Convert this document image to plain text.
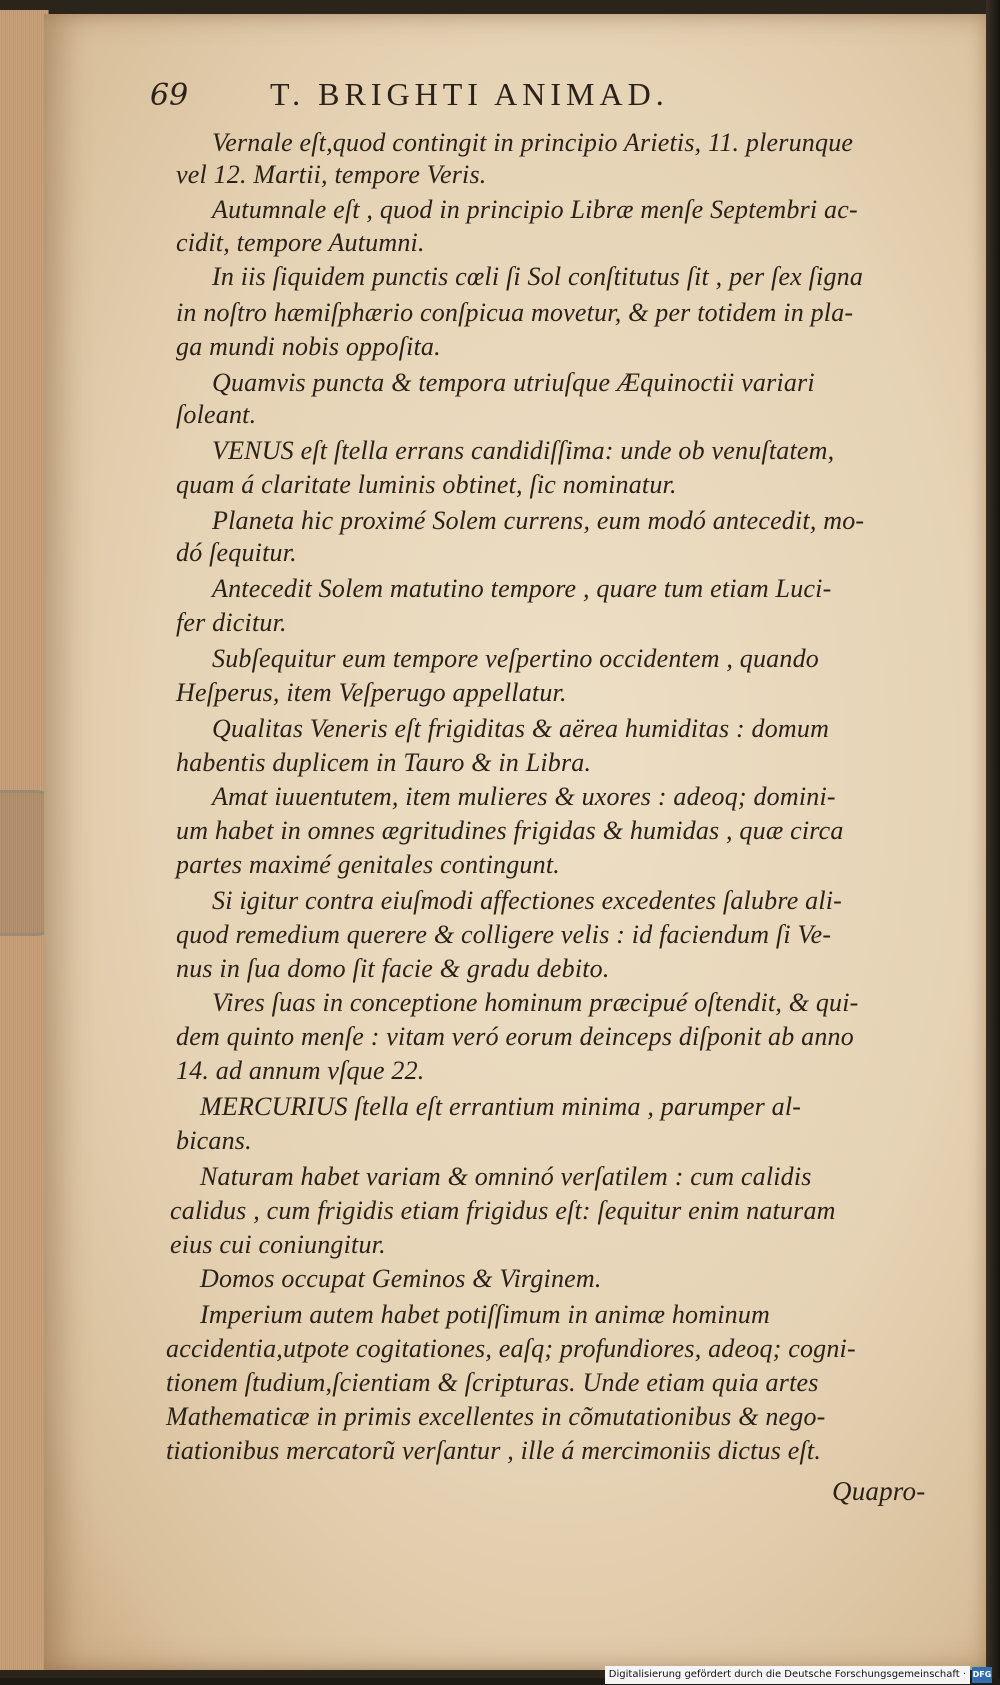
69	T. BRIGHTI ANIMAD.
Vernale eſt,quod contingit in principio Arietis, 11. plerunque
vel 12. Martii, tempore Veris.
Autumnale eſt , quod in principio Libræ menſe Septembri ac-
cidit, tempore Autumni.
In iis ſiquidem punctis cœli ſi Sol conſtitutus ſit , per ſex ſigna
in noſtro hæmiſphærio conſpicua movetur, & per totidem in pla-
ga mundi nobis oppoſita.
Quamvis puncta & tempora utriuſque Æquinoctii variari
ſoleant.
VENUS eſt ſtella errans candidiſſima: unde ob venuſtatem,
quam á claritate luminis obtinet, ſic nominatur.
Planeta hic proximé Solem currens, eum modó antecedit, mo-
dó ſequitur.
Antecedit Solem matutino tempore , quare tum etiam Luci-
fer dicitur.
Subſequitur eum tempore veſpertino occidentem , quando
Heſperus, item Veſperugo appellatur.
Qualitas Veneris eſt frigiditas & aërea humiditas : domum
habentis duplicem in Tauro & in Libra.
Amat iuuentutem, item mulieres & uxores : adeoq; domini-
um habet in omnes ægritudines frigidas & humidas , quæ circa
partes maximé genitales contingunt.
Si igitur contra eiuſmodi affectiones excedentes ſalubre ali-
quod remedium querere & colligere velis : id faciendum ſi Ve-
nus in ſua domo ſit facie & gradu debito.
Vires ſuas in conceptione hominum præcipué oſtendit, & qui-
dem quinto menſe : vitam veró eorum deinceps diſponit ab anno
14. ad annum vſque 22.
MERCURIUS ſtella eſt errantium minima , parumper al-
bicans.
Naturam habet variam & omninó verſatilem : cum calidis
calidus , cum frigidis etiam frigidus eſt: ſequitur enim naturam
eius cui coniungitur.
Domos occupat Geminos & Virginem.
Imperium autem habet potiſſimum in animæ hominum
accidentia,utpote cogitationes, eaſq; profundiores, adeoq; cogni-
tionem ſtudium,ſcientiam & ſcripturas. Unde etiam quia artes
Mathematicæ in primis excellentes in cõmutationibus & nego-
tiationibus mercatorũ verſantur , ille á mercimoniis dictus eſt.
Quapro-
Digitalisierung gefördert durch die Deutsche Forschungsgemeinschaft · DFG
